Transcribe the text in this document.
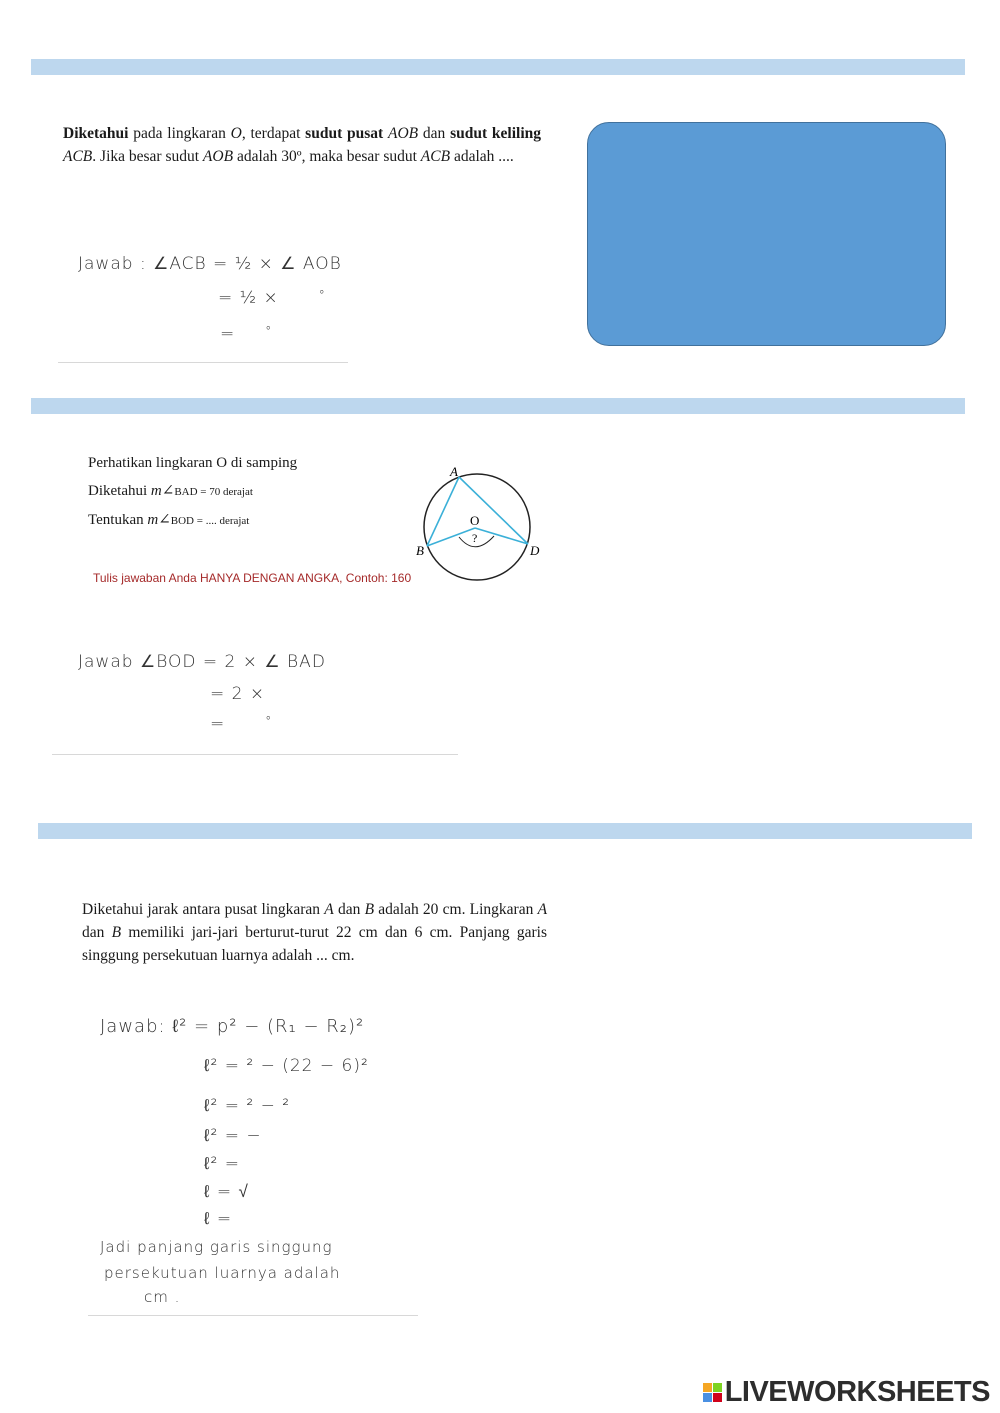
Diketahui pada lingkaran O, terdapat sudut pusat AOB dan sudut keliling ACB. Jika besar sudut AOB adalah 30º, maka besar sudut ACB adalah ....
Jawab : ∠ACB = ½ × ∠ AOB
= ½ ×	°
=	°
Perhatikan lingkaran O di samping
Diketahui m∠BAD = 70 derajat
Tentukan m∠BOD = .... derajat
Tulis jawaban Anda HANYA DENGAN ANGKA, Contoh: 160
A
B	D
O
?
Jawab ∠BOD = 2 × ∠ BAD
= 2 ×
=	°
Diketahui jarak antara pusat lingkaran A dan B adalah 20 cm. Lingkaran A dan B memiliki jari-jari berturut-turut 22 cm dan 6 cm. Panjang garis singgung persekutuan luarnya adalah ... cm.
Jawab: ℓ² = p² − (R₁ − R₂)²
ℓ² = ² − (22 − 6)²
ℓ² = ² − ²
ℓ² = −
ℓ² =
ℓ = √
ℓ =
Jadi panjang garis singgung
persekutuan luarnya adalah
cm .
LIVEWORKSHEETS
